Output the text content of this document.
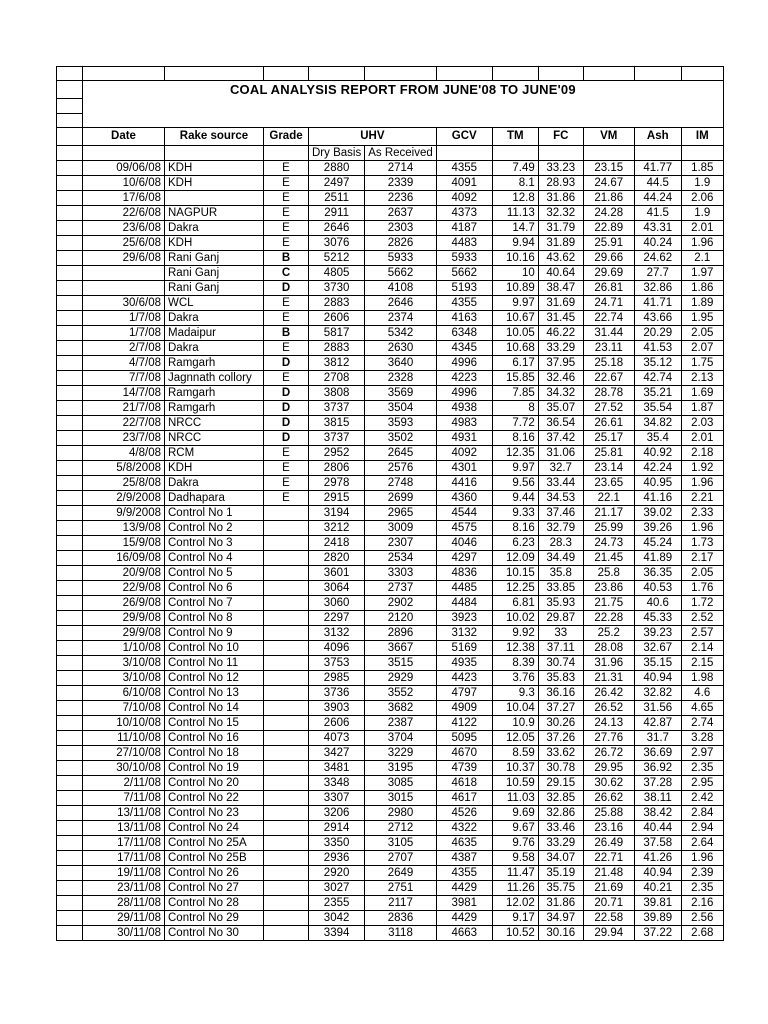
	COAL ANALYSIS REPORT FROM JUNE'08 TO JUNE'09										

	Date	Rake source	Grade	UHV		GCV	TM	FC	VM	Ash	IM
				Dry Basis	As Received						
	09/06/08	KDH	E	2880	2714	4355	7.49	33.23	23.15	41.77	1.85
	10/6/08	KDH	E	2497	2339	4091	8.1	28.93	24.67	44.5	1.9
	17/6/08		E	2511	2236	4092	12.8	31.86	21.86	44.24	2.06
	22/6/08	NAGPUR	E	2911	2637	4373	11.13	32.32	24.28	41.5	1.9
	23/6/08	Dakra	E	2646	2303	4187	14.7	31.79	22.89	43.31	2.01
	25/6/08	KDH	E	3076	2826	4483	9.94	31.89	25.91	40.24	1.96
	29/6/08	Rani Ganj	B	5212	5933	5933	10.16	43.62	29.66	24.62	2.1
		Rani Ganj	C	4805	5662	5662	10	40.64	29.69	27.7	1.97
		Rani Ganj	D	3730	4108	5193	10.89	38.47	26.81	32.86	1.86
	30/6/08	WCL	E	2883	2646	4355	9.97	31.69	24.71	41.71	1.89
	1/7/08	Dakra	E	2606	2374	4163	10.67	31.45	22.74	43.66	1.95
	1/7/08	Madaipur	B	5817	5342	6348	10.05	46.22	31.44	20.29	2.05
	2/7/08	Dakra	E	2883	2630	4345	10.68	33.29	23.11	41.53	2.07
	4/7/08	Ramgarh	D	3812	3640	4996	6.17	37.95	25.18	35.12	1.75
	7/7/08	Jagnnath collory	E	2708	2328	4223	15.85	32.46	22.67	42.74	2.13
	14/7/08	Ramgarh	D	3808	3569	4996	7.85	34.32	28.78	35.21	1.69
	21/7/08	Ramgarh	D	3737	3504	4938	8	35.07	27.52	35.54	1.87
	22/7/08	NRCC	D	3815	3593	4983	7.72	36.54	26.61	34.82	2.03
	23/7/08	NRCC	D	3737	3502	4931	8.16	37.42	25.17	35.4	2.01
	4/8/08	RCM	E	2952	2645	4092	12.35	31.06	25.81	40.92	2.18
	5/8/2008	KDH	E	2806	2576	4301	9.97	32.7	23.14	42.24	1.92
	25/8/08	Dakra	E	2978	2748	4416	9.56	33.44	23.65	40.95	1.96
	2/9/2008	Dadhapara	E	2915	2699	4360	9.44	34.53	22.1	41.16	2.21
	9/9/2008	Control No 1		3194	2965	4544	9.33	37.46	21.17	39.02	2.33
	13/9/08	Control No 2		3212	3009	4575	8.16	32.79	25.99	39.26	1.96
	15/9/08	Control No 3		2418	2307	4046	6.23	28.3	24.73	45.24	1.73
	16/09/08	Control No 4		2820	2534	4297	12.09	34.49	21.45	41.89	2.17
	20/9/08	Control No 5		3601	3303	4836	10.15	35.8	25.8	36.35	2.05
	22/9/08	Control No 6		3064	2737	4485	12.25	33.85	23.86	40.53	1.76
	26/9/08	Control No 7		3060	2902	4484	6.81	35.93	21.75	40.6	1.72
	29/9/08	Control No 8		2297	2120	3923	10.02	29.87	22.28	45.33	2.52
	29/9/08	Control No 9		3132	2896	3132	9.92	33	25.2	39.23	2.57
	1/10/08	Control No 10		4096	3667	5169	12.38	37.11	28.08	32.67	2.14
	3/10/08	Control No 11		3753	3515	4935	8.39	30.74	31.96	35.15	2.15
	3/10/08	Control No 12		2985	2929	4423	3.76	35.83	21.31	40.94	1.98
	6/10/08	Control No 13		3736	3552	4797	9.3	36.16	26.42	32.82	4.6
	7/10/08	Control No 14		3903	3682	4909	10.04	37.27	26.52	31.56	4.65
	10/10/08	Control No 15		2606	2387	4122	10.9	30.26	24.13	42.87	2.74
	11/10/08	Control No 16		4073	3704	5095	12.05	37.26	27.76	31.7	3.28
	27/10/08	Control No 18		3427	3229	4670	8.59	33.62	26.72	36.69	2.97
	30/10/08	Control No 19		3481	3195	4739	10.37	30.78	29.95	36.92	2.35
	2/11/08	Control No 20		3348	3085	4618	10.59	29.15	30.62	37.28	2.95
	7/11/08	Control No 22		3307	3015	4617	11.03	32.85	26.62	38.11	2.42
	13/11/08	Control No 23		3206	2980	4526	9.69	32.86	25.88	38.42	2.84
	13/11/08	Control No 24		2914	2712	4322	9.67	33.46	23.16	40.44	2.94
	17/11/08	Control No 25A		3350	3105	4635	9.76	33.29	26.49	37.58	2.64
	17/11/08	Control No 25B		2936	2707	4387	9.58	34.07	22.71	41.26	1.96
	19/11/08	Control No 26		2920	2649	4355	11.47	35.19	21.48	40.94	2.39
	23/11/08	Control No 27		3027	2751	4429	11.26	35.75	21.69	40.21	2.35
	28/11/08	Control No 28		2355	2117	3981	12.02	31.86	20.71	39.81	2.16
	29/11/08	Control No 29		3042	2836	4429	9.17	34.97	22.58	39.89	2.56
	30/11/08	Control No 30		3394	3118	4663	10.52	30.16	29.94	37.22	2.68
